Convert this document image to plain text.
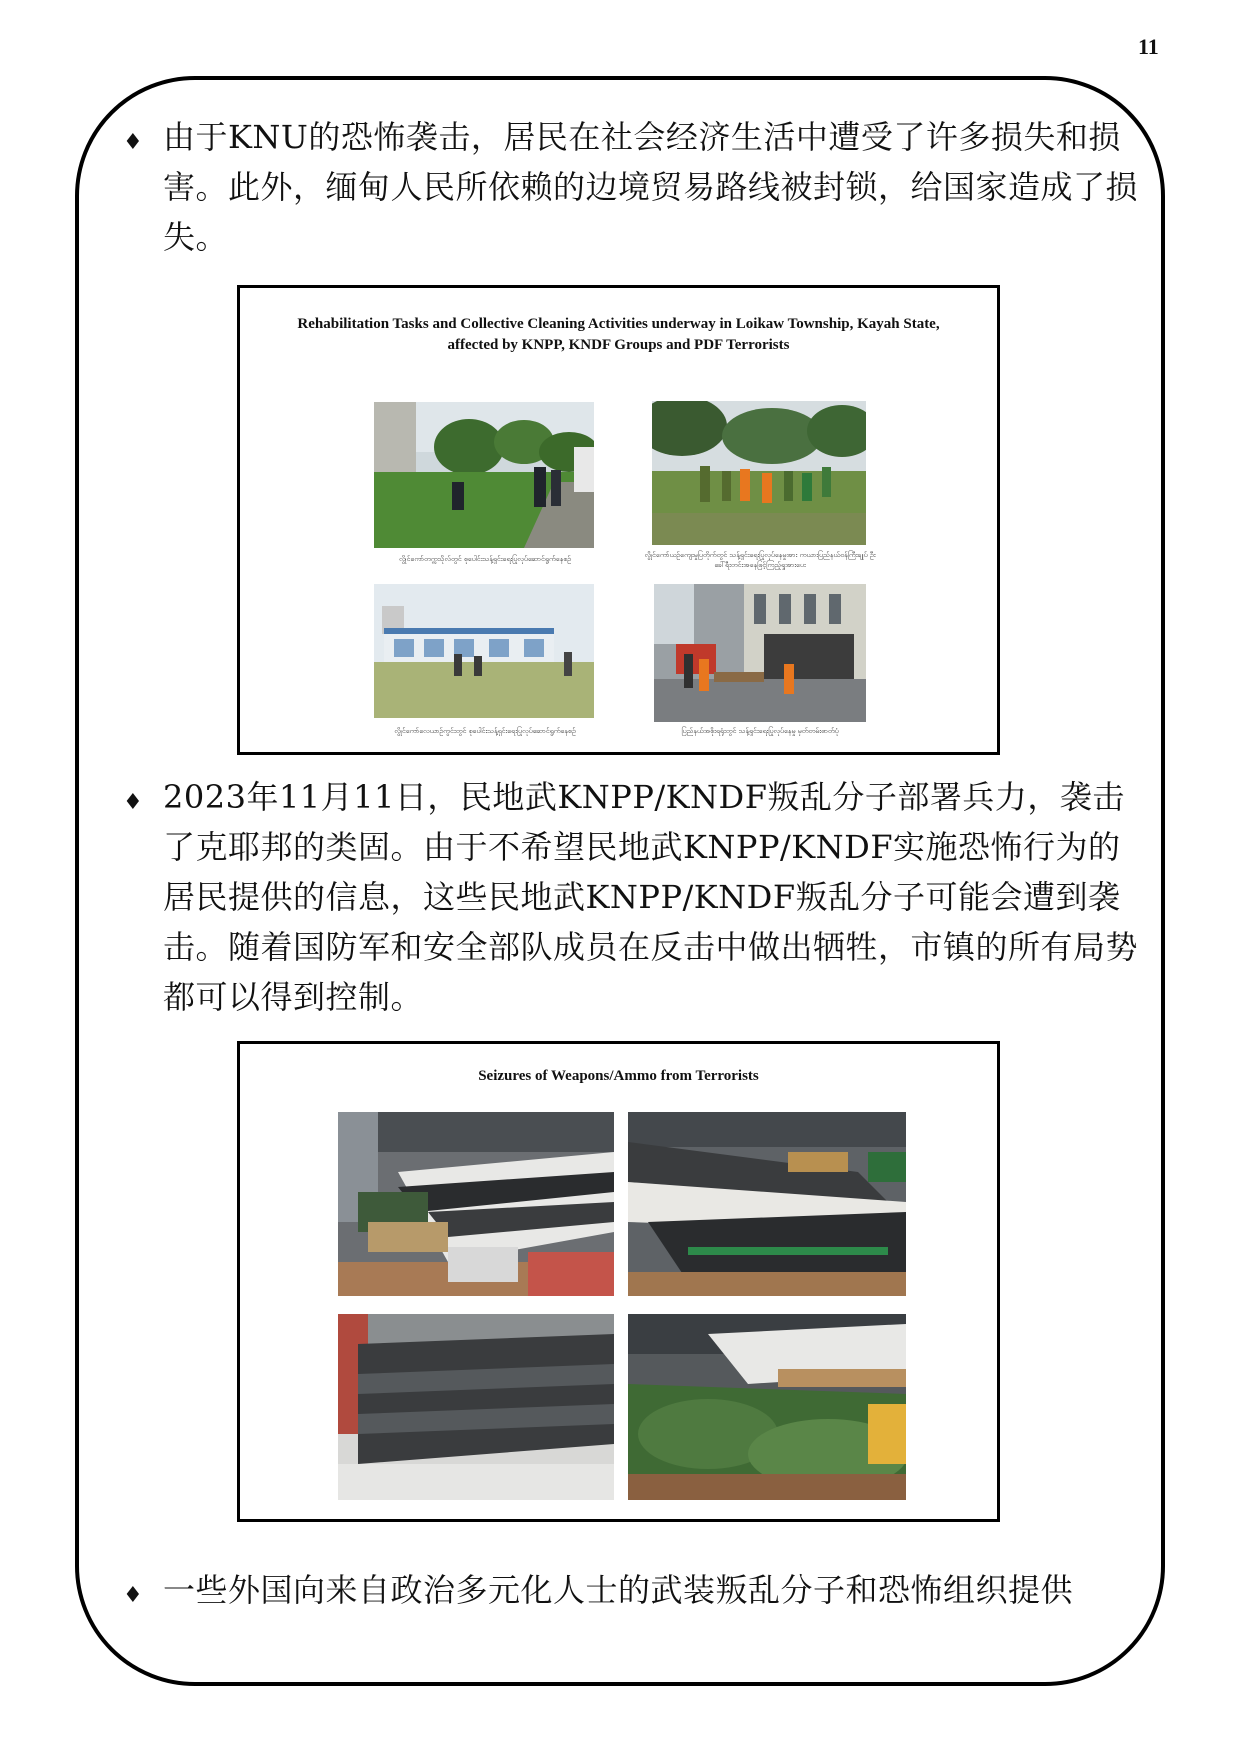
11
♦ 由于KNU的恐怖袭击，居民在社会经济生活中遭受了许多损失和损害。此外，缅甸人民所依赖的边境贸易路线被封锁，给国家造成了损失。
Rehabilitation Tasks and Collective Cleaning Activities underway in Loikaw Township, Kayah State, affected by KNPP, KNDF Groups and PDF Terrorists
လွိုင်ကော်တက္ကသိုလ်တွင် စုပေါင်းသန့်ရှင်းရေးပြုလုပ်ဆောင်ရွက်နေစဉ်	လွိုင်ကော်ယဉ်ကျေးမှုပြတိုက်တွင် သန့်ရှင်းရေးပြုလုပ်နေမှုအား ကယားပြည်နယ်ဝန်ကြီးချုပ် ဦးခေါ်ရီးတင်းအနေဖြင့်ကြည့်ရှုအားပေး
လွိုင်ကော်လေယာဉ်ကွင်းတွင် စုပေါင်းသန့်ရှင်းရေးပြုလုပ်ဆောင်ရွက်နေစဉ်	ပြည်နယ်အစိုးရရုံးတွင် သန့်ရှင်းရေးပြုလုပ်နေမှု မှတ်တမ်းဓာတ်ပုံ
♦ 2023年11月11日，民地武KNPP/KNDF叛乱分子部署兵力，袭击了克耶邦的类固。由于不希望民地武KNPP/KNDF实施恐怖行为的居民提供的信息，这些民地武KNPP/KNDF叛乱分子可能会遭到袭击。随着国防军和安全部队成员在反击中做出牺牲，市镇的所有局势都可以得到控制。
Seizures of Weapons/Ammo from Terrorists
♦ 一些外国向来自政治多元化人士的武装叛乱分子和恐怖组织提供
